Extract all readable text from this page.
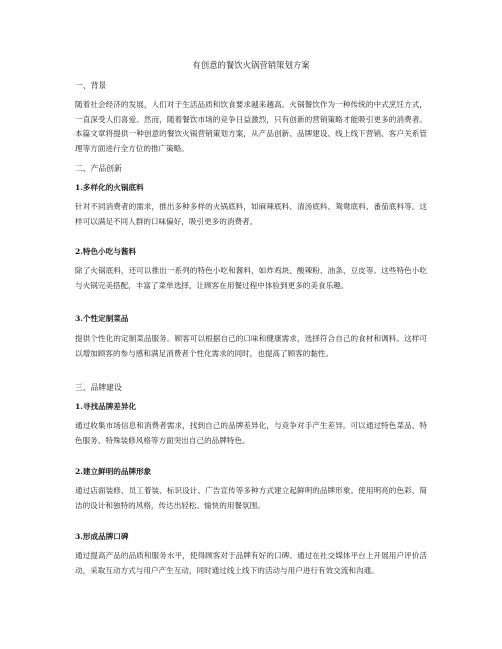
有创意的餐饮火锅营销策划方案
一、背景
随着社会经济的发展，人们对于生活品质和饮食要求越来越高。火锅餐饮作为一种传统的中式烹饪方式，一直深受人们喜爱。然而，随着餐饮市场的竞争日益激烈，只有创新的营销策略才能吸引更多的消费者。本篇文章将提供一种创意的餐饮火锅营销策划方案，从产品创新、品牌建设、线上线下营销、客户关系管理等方面进行全方位的推广策略。
二、产品创新
1.多样化的火锅底料
针对不同消费者的需求，推出多种多样的火锅底料，如麻辣底料、清汤底料、鸳鸯底料、番茄底料等。这样可以满足不同人群的口味偏好，吸引更多的消费者。
2.特色小吃与酱料
除了火锅底料，还可以推出一系列的特色小吃和酱料，如炸鸡块、酸辣粉、油条、豆皮等。这些特色小吃与火锅完美搭配，丰富了菜单选择，让顾客在用餐过程中体验到更多的美食乐趣。
3.个性定制菜品
提供个性化的定制菜品服务。顾客可以根据自己的口味和健康需求，选择符合自己的食材和调料。这样可以增加顾客的参与感和满足消费者个性化需求的同时，也提高了顾客的黏性。
三、品牌建设
1.寻找品牌差异化
通过收集市场信息和消费者需求，找到自己的品牌差异化，与竞争对手产生差异。可以通过特色菜品、特色服务、特殊装修风格等方面突出自己的品牌特色。
2.建立鲜明的品牌形象
通过店面装修、员工着装、标识设计、广告宣传等多种方式建立起鲜明的品牌形象。使用明亮的色彩、简洁的设计和独特的风格，传达出轻松、愉快的用餐氛围。
3.形成品牌口碑
通过提高产品的品质和服务水平，使得顾客对于品牌有好的口碑。通过在社交媒体平台上开展用户评价活动，采取互动方式与用户产生互动，同时通过线上线下的活动与用户进行有效交流和沟通。
